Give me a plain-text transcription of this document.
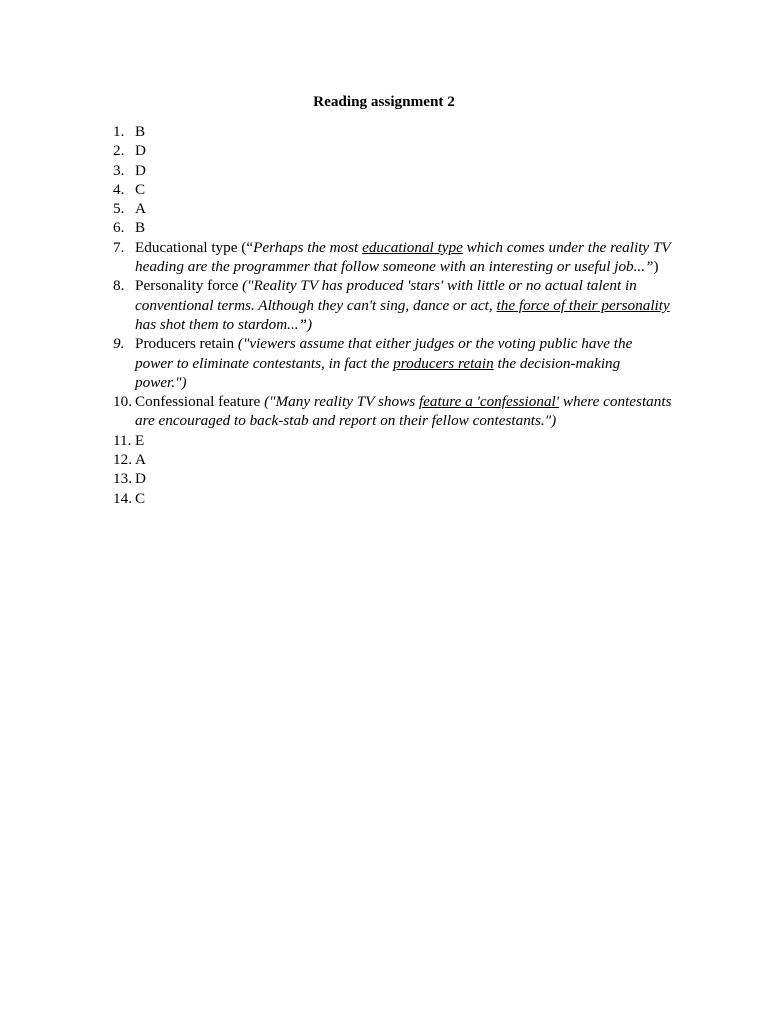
Reading assignment 2
1. B
2. D
3. D
4. C
5. A
6. B
7. Educational type (“Perhaps the most educational type which comes under the reality TV heading are the programmer that follow someone with an interesting or useful job...”)
8. Personality force ("Reality TV has produced 'stars' with little or no actual talent in conventional terms. Although they can't sing, dance or act, the force of their personality has shot them to stardom...”)
9. Producers retain ("viewers assume that either judges or the voting public have the power to eliminate contestants, in fact the producers retain the decision-making power.")
10. Confessional feature ("Many reality TV shows feature a 'confessional' where contestants are encouraged to back-stab and report on their fellow contestants.")
11. E
12. A
13. D
14. C
